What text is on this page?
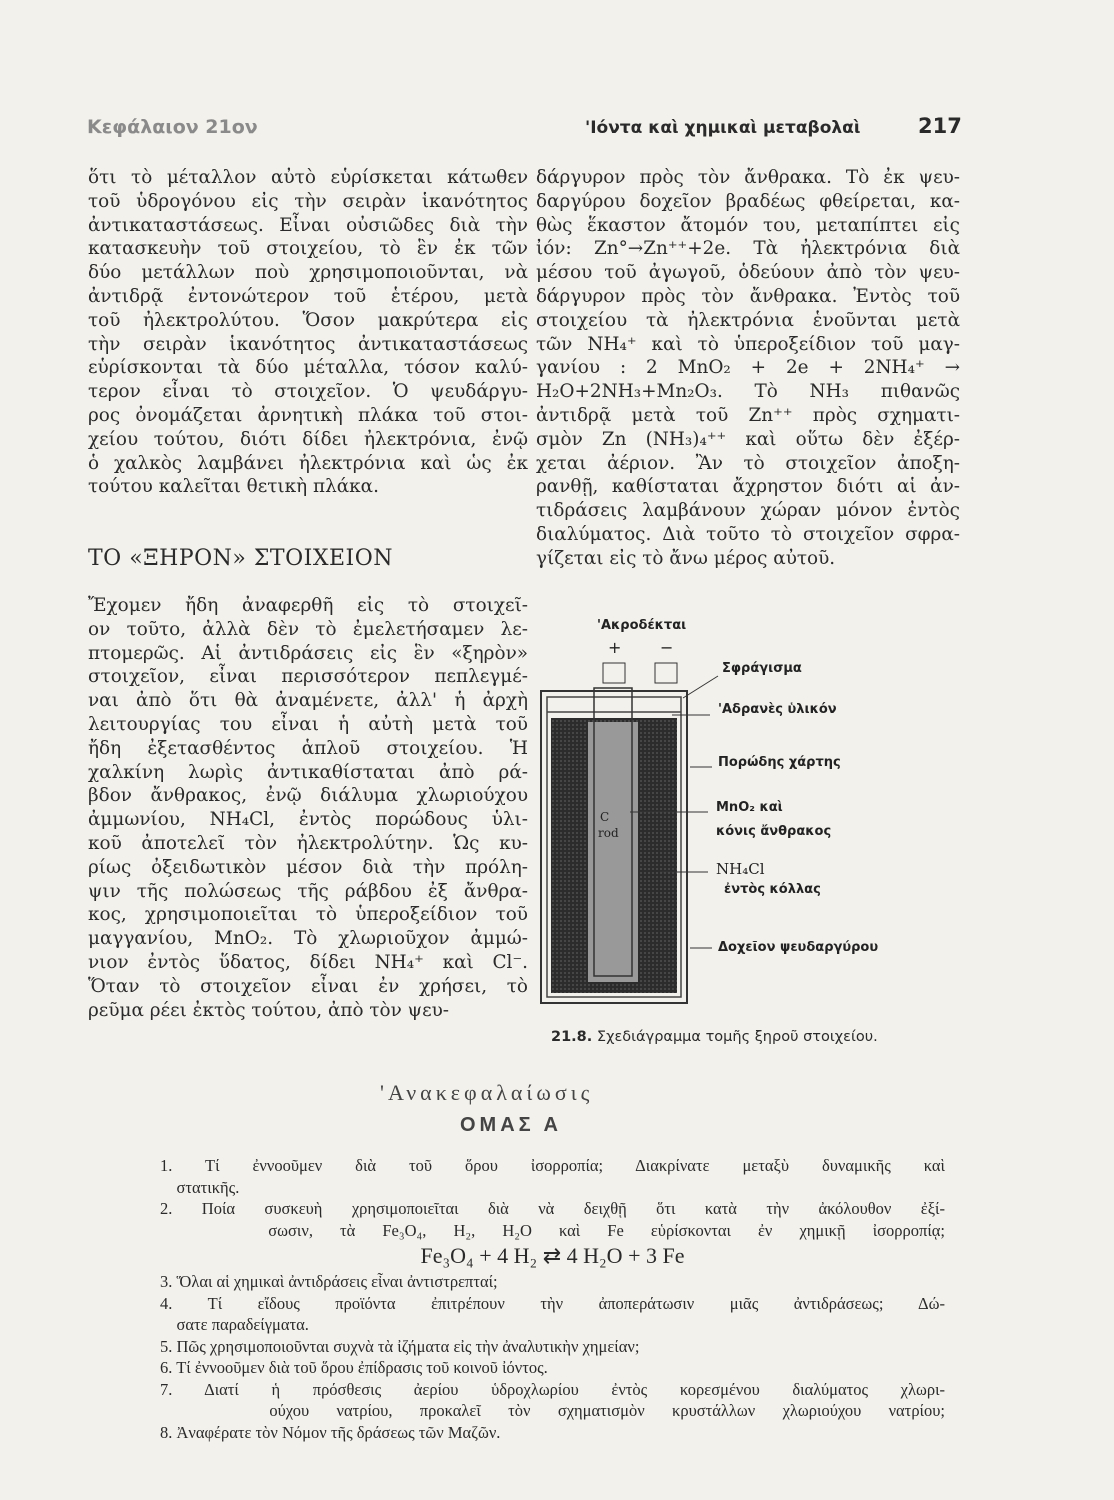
Κεφάλαιον 21ον	'Ιόντα καὶ χημικαὶ μεταβολαὶ	217
ὅτι τὸ μέταλλον αὐτὸ εὑρίσκεται κάτωθεν
τοῦ ὑδρογόνου εἰς τὴν σειρὰν ἱκανότητος
ἀντικαταστάσεως. Εἶναι οὐσιῶδες διὰ τὴν
κατασκευὴν τοῦ στοιχείου, τὸ ἓν ἐκ τῶν
δύο μετάλλων ποὺ χρησιμοποιοῦνται, νὰ
ἀντιδρᾷ ἐντονώτερον τοῦ ἑτέρου, μετὰ
τοῦ ἠλεκτρολύτου. Ὅσον μακρύτερα εἰς
τὴν σειρὰν ἱκανότητος ἀντικαταστάσεως
εὑρίσκονται τὰ δύο μέταλλα, τόσον καλύ-
τερον εἶναι τὸ στοιχεῖον. Ὁ ψευδάργυ-
ρος ὀνομάζεται ἀρνητικὴ πλάκα τοῦ στοι-
χείου τούτου, διότι δίδει ἠλεκτρόνια, ἐνῷ
ὁ χαλκὸς λαμβάνει ἠλεκτρόνια καὶ ὡς ἐκ
τούτου καλεῖται θετικὴ πλάκα.
ΤΟ «ΞΗΡΟΝ» ΣΤΟΙΧΕΙΟΝ
Ἔχομεν ἤδη ἀναφερθῆ εἰς τὸ στοιχεῖ-
ον τοῦτο, ἀλλὰ δὲν τὸ ἐμελετήσαμεν λε-
πτομερῶς. Αἱ ἀντιδράσεις εἰς ἓν «ξηρὸν»
στοιχεῖον, εἶναι περισσότερον πεπλεγμέ-
ναι ἀπὸ ὅτι θὰ ἀναμένετε, ἀλλ' ἡ ἀρχὴ
λειτουργίας του εἶναι ἡ αὐτὴ μετὰ τοῦ
ἤδη ἐξετασθέντος ἁπλοῦ στοιχείου. Ἡ
χαλκίνη λωρὶς ἀντικαθίσταται ἀπὸ ρά-
βδον ἄνθρακος, ἐνῷ διάλυμα χλωριούχου
ἀμμωνίου, NH₄Cl, ἐντὸς πορώδους ὑλι-
κοῦ ἀποτελεῖ τὸν ἠλεκτρολύτην. Ὡς κυ-
ρίως ὀξειδωτικὸν μέσον διὰ τὴν πρόλη-
ψιν τῆς πολώσεως τῆς ράβδου ἐξ ἄνθρα-
κος, χρησιμοποιεῖται τὸ ὑπεροξείδιον τοῦ
μαγγανίου, MnO₂. Τὸ χλωριοῦχον ἀμμώ-
νιον ἐντὸς ὕδατος, δίδει NH₄⁺ καὶ Cl⁻.
Ὅταν τὸ στοιχεῖον εἶναι ἐν χρήσει, τὸ
ρεῦμα ρέει ἐκτὸς τούτου, ἀπὸ τὸν ψευ-
δάργυρον πρὸς τὸν ἄνθρακα. Τὸ ἐκ ψευ-
δαργύρου δοχεῖον βραδέως φθείρεται, κα-
θὼς ἕκαστον ἄτομόν του, μεταπίπτει εἰς
ἰόν: Zn°→Zn⁺⁺+2e. Τὰ ἠλεκτρόνια διὰ
μέσου τοῦ ἀγωγοῦ, ὁδεύουν ἀπὸ τὸν ψευ-
δάργυρον πρὸς τὸν ἄνθρακα. Ἐντὸς τοῦ
στοιχείου τὰ ἠλεκτρόνια ἑνοῦνται μετὰ
τῶν NH₄⁺ καὶ τὸ ὑπεροξείδιον τοῦ μαγ-
γανίου : 2 MnO₂ + 2e + 2NH₄⁺ →
H₂O+2NH₃+Mn₂O₃. Τὸ NH₃ πιθανῶς
ἀντιδρᾷ μετὰ τοῦ Zn⁺⁺ πρὸς σχηματι-
σμὸν Zn (NH₃)₄⁺⁺ καὶ οὕτω δὲν ἐξέρ-
χεται ἀέριον. Ἂν τὸ στοιχεῖον ἀποξη-
ρανθῇ, καθίσταται ἄχρηστον διότι αἱ ἀν-
τιδράσεις λαμβάνουν χώραν μόνον ἐντὸς
διαλύματος. Διὰ τοῦτο τὸ στοιχεῖον σφρα-
γίζεται εἰς τὸ ἄνω μέρος αὐτοῦ.
'Ακροδέκται
+ −
Σφράγισμα
'Αδρανὲς ὑλικόν
Πορώδης χάρτης
MnO₂ καὶ
κόνις ἄνθρακος
NH₄Cl
ἐντὸς κόλλας
Δοχεῖον ψευδαργύρου
C
rod
21.8. Σχεδιάγραμμα τομῆς ξηροῦ στοιχείου.
'Ανακεφαλαίωσις
ΟΜΑΣ Α
1. Τί ἐννοοῦμεν διὰ τοῦ ὅρου ἰσορροπία; Διακρίνατε μεταξὺ δυναμικῆς καὶ
στατικῆς.
2. Ποία συσκευὴ χρησιμοποιεῖται διὰ νὰ δειχθῇ ὅτι κατὰ τὴν ἀκόλουθον ἐξί-
σωσιν, τὰ Fe₃O₄, H₂, H₂O καὶ Fe εὑρίσκονται ἐν χημικῇ ἰσορροπίᾳ;
Fe₃O₄ + 4 H₂ ⇄ 4 H₂O + 3 Fe
3. Ὅλαι αἱ χημικαὶ ἀντιδράσεις εἶναι ἀντιστρεπταί;
4. Τί εἴδους προϊόντα ἐπιτρέπουν τὴν ἀποπεράτωσιν μιᾶς ἀντιδράσεως; Δώ-
σατε παραδείγματα.
5. Πῶς χρησιμοποιοῦνται συχνὰ τὰ ἰζήματα εἰς τὴν ἀναλυτικὴν χημείαν;
6. Τί ἐννοοῦμεν διὰ τοῦ ὅρου ἐπίδρασις τοῦ κοινοῦ ἰόντος.
7. Διατί ἡ πρόσθεσις ἀερίου ὑδροχλωρίου ἐντὸς κορεσμένου διαλύματος χλωρι-
ούχου νατρίου, προκαλεῖ τὸν σχηματισμὸν κρυστάλλων χλωριούχου νατρίου;
8. Ἀναφέρατε τὸν Νόμον τῆς δράσεως τῶν Μαζῶν.
